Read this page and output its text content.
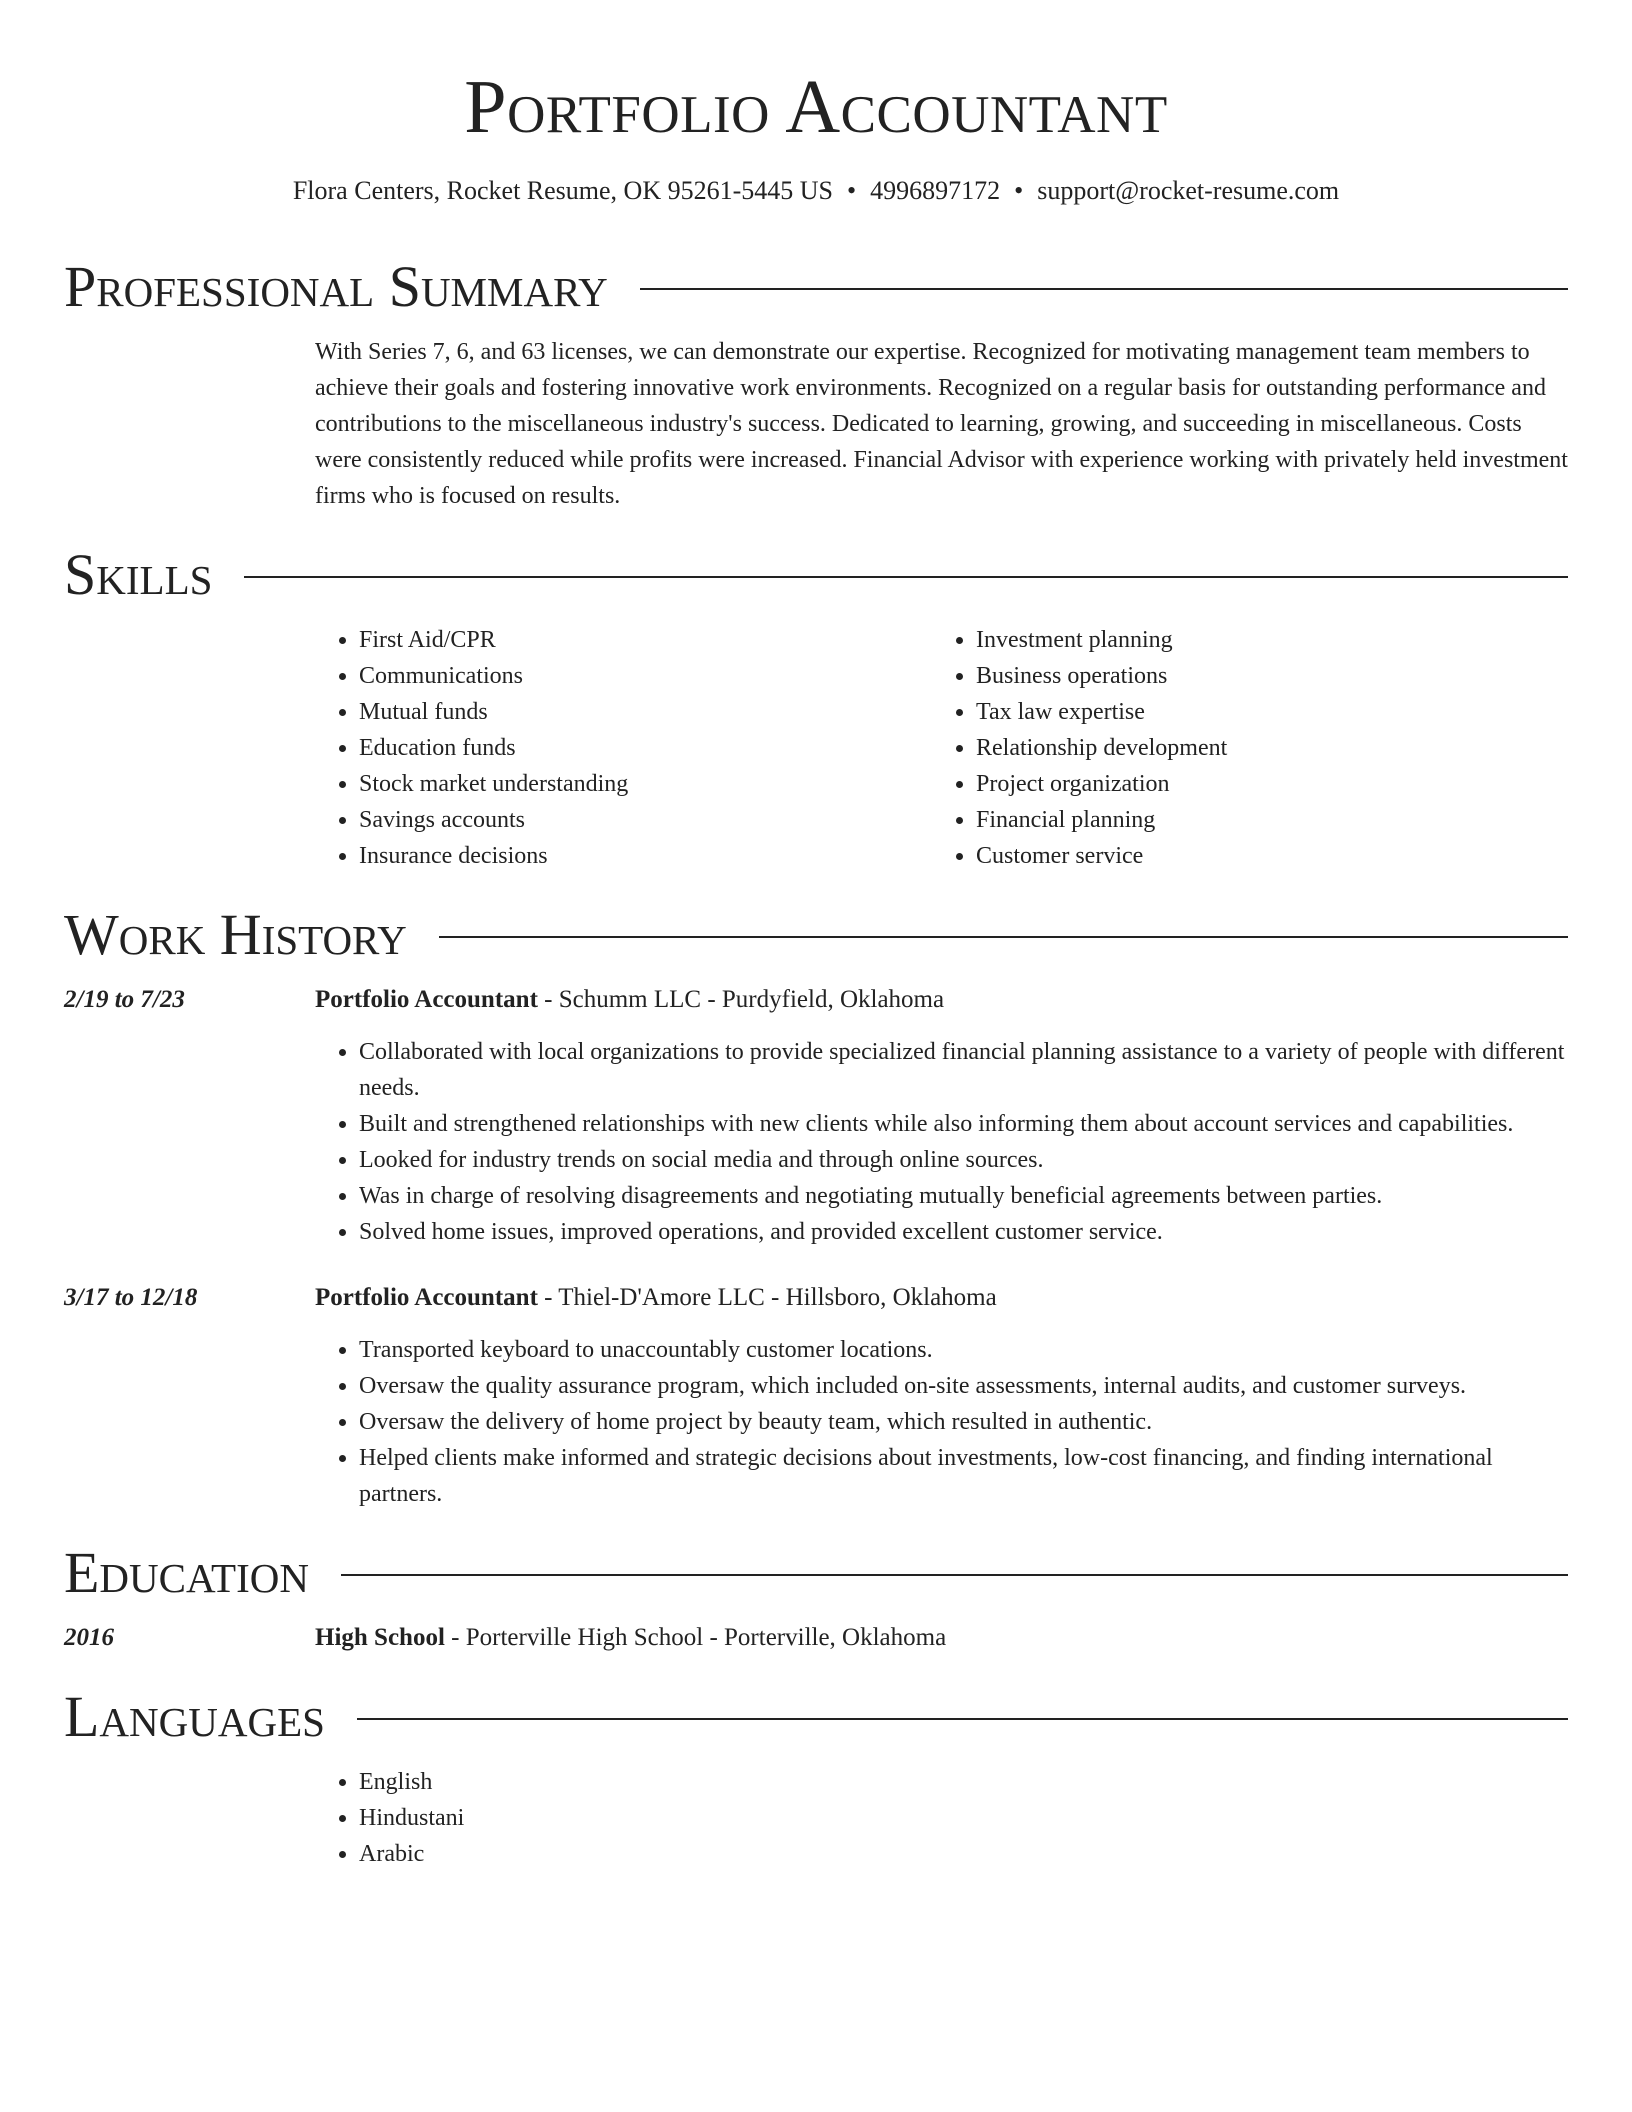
Portfolio Accountant
Flora Centers, Rocket Resume, OK 95261-5445 US • 4996897172 • support@rocket-resume.com
Professional Summary

With Series 7, 6, and 63 licenses, we can demonstrate our expertise. Recognized for motivating management team members to achieve their goals and fostering innovative work environments. Recognized on a regular basis for outstanding performance and contributions to the miscellaneous industry's success. Dedicated to learning, growing, and succeeding in miscellaneous. Costs were consistently reduced while profits were increased. Financial Advisor with experience working with privately held investment firms who is focused on results.

Skills
• First Aid/CPR
• Communications
• Mutual funds
• Education funds
• Stock market understanding
• Savings accounts
• Insurance decisions
• Investment planning
• Business operations
• Tax law expertise
• Relationship development
• Project organization
• Financial planning
• Customer service
Work History
2/19 to 7/23	Portfolio Accountant - Schumm LLC - Purdyfield, Oklahoma
• Collaborated with local organizations to provide specialized financial planning assistance to a variety of people with different needs.
• Built and strengthened relationships with new clients while also informing them about account services and capabilities.
• Looked for industry trends on social media and through online sources.
• Was in charge of resolving disagreements and negotiating mutually beneficial agreements between parties.
• Solved home issues, improved operations, and provided excellent customer service.
3/17 to 12/18	Portfolio Accountant - Thiel-D'Amore LLC - Hillsboro, Oklahoma
• Transported keyboard to unaccountably customer locations.
• Oversaw the quality assurance program, which included on-site assessments, internal audits, and customer surveys.
• Oversaw the delivery of home project by beauty team, which resulted in authentic.
• Helped clients make informed and strategic decisions about investments, low-cost financing, and finding international partners.
Education
2016	High School - Porterville High School - Porterville, Oklahoma
Languages
• English
• Hindustani
• Arabic
